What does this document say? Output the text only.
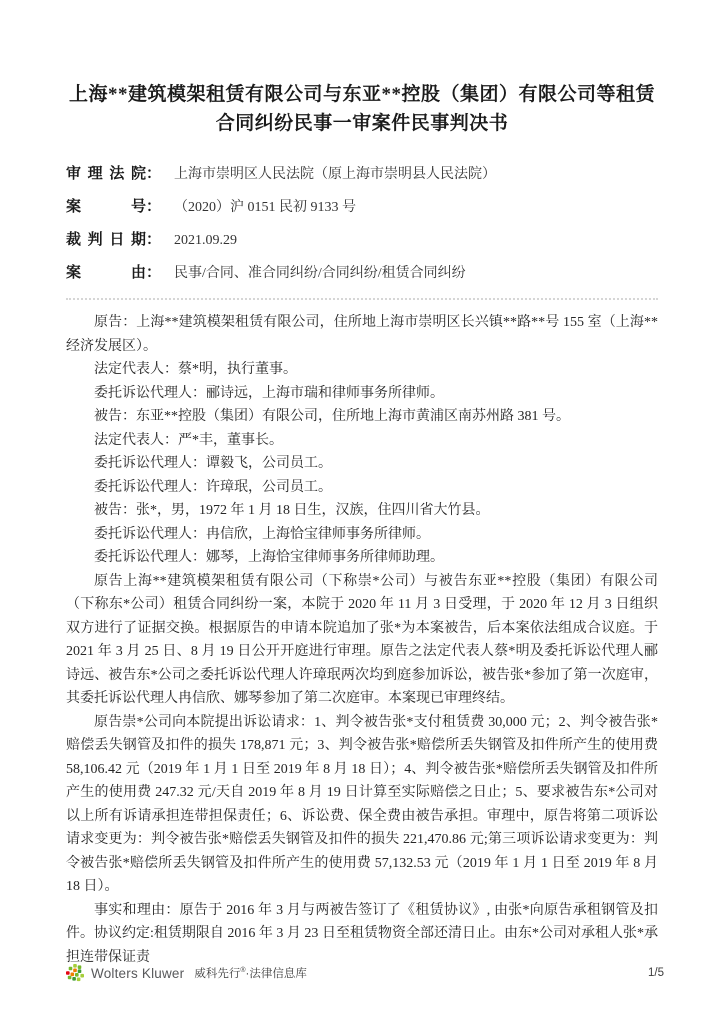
上海**建筑模架租赁有限公司与东亚**控股（集团）有限公司等租赁合同纠纷民事一审案件民事判决书
审理法院： 上海市崇明区人民法院（原上海市崇明县人民法院）
案号： （2020）沪 0151 民初 9133 号
裁判日期： 2021.09.29
案由： 民事/合同、准合同纠纷/合同纠纷/租赁合同纠纷

原告：上海**建筑模架租赁有限公司，住所地上海市崇明区长兴镇**路**号 155 室（上海**经济发展区）。

法定代表人：蔡*明，执行董事。

委托诉讼代理人：郦诗远，上海市瑞和律师事务所律师。

被告：东亚**控股（集团）有限公司，住所地上海市黄浦区南苏州路 381 号。

法定代表人：严*丰，董事长。

委托诉讼代理人：谭毅飞，公司员工。

委托诉讼代理人：许璋珉，公司员工。

被告：张*，男，1972 年 1 月 18 日生，汉族，住四川省大竹县。

委托诉讼代理人：冉信欣，上海恰宝律师事务所律师。

委托诉讼代理人：娜琴，上海恰宝律师事务所律师助理。

原告上海**建筑模架租赁有限公司（下称崇*公司）与被告东亚**控股（集团）有限公司（下称东*公司）租赁合同纠纷一案，本院于 2020 年 11 月 3 日受理，于 2020 年 12 月 3 日组织双方进行了证据交换。根据原告的申请本院追加了张*为本案被告，后本案依法组成合议庭。于 2021 年 3 月 25 日、8 月 19 日公开开庭进行审理。原告之法定代表人蔡*明及委托诉讼代理人郦诗远、被告东*公司之委托诉讼代理人许璋珉两次均到庭参加诉讼，被告张*参加了第一次庭审，其委托诉讼代理人冉信欣、娜琴参加了第二次庭审。本案现已审理终结。

原告崇*公司向本院提出诉讼请求：1、判令被告张*支付租赁费 30,000 元；2、判令被告张*赔偿丢失钢管及扣件的损失 178,871 元；3、判令被告张*赔偿所丢失钢管及扣件所产生的使用费 58,106.42 元（2019 年 1 月 1 日至 2019 年 8 月 18 日）；4、判令被告张*赔偿所丢失钢管及扣件所产生的使用费 247.32 元/天自 2019 年 8 月 19 日计算至实际赔偿之日止；5、要求被告东*公司对以上所有诉请承担连带担保责任；6、诉讼费、保全费由被告承担。审理中，原告将第二项诉讼请求变更为：判令被告张*赔偿丢失钢管及扣件的损失 221,470.86 元;第三项诉讼请求变更为：判令被告张*赔偿所丢失钢管及扣件所产生的使用费 57,132.53 元（2019 年 1 月 1 日至 2019 年 8 月 18 日）。

事实和理由：原告于 2016 年 3 月与两被告签订了《租赁协议》, 由张*向原告承租钢管及扣件。协议约定:租赁期限自 2016 年 3 月 23 日至租赁物资全部还清日止。由东*公司对承租人张*承担连带保证责

Wolters Kluwer 威科先行®·法律信息库	1/5
